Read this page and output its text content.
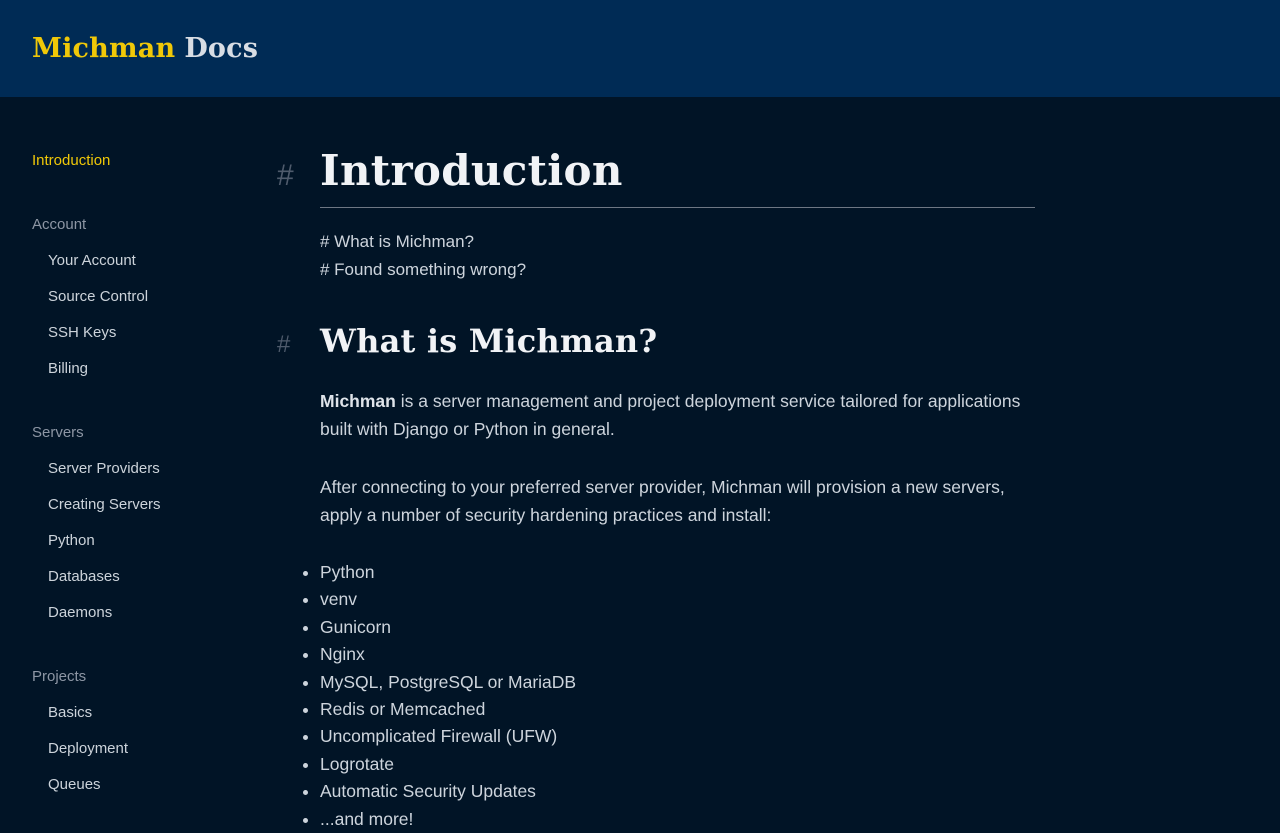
Michman Docs
Introduction
Account
Your Account
Source Control
SSH Keys
Billing
Servers
Server Providers
Creating Servers
Python
Databases
Daemons
Projects
Basics
Deployment
Queues
# Introduction
# What is Michman?
# Found something wrong?
# What is Michman?

Michman is a server management and project deployment service tailored for applications built with Django or Python in general.

After connecting to your preferred server provider, Michman will provision a new servers, apply a number of security hardening practices and install:

• Python
• venv
• Gunicorn
• Nginx
• MySQL, PostgreSQL or MariaDB
• Redis or Memcached
• Uncomplicated Firewall (UFW)
• Logrotate
• Automatic Security Updates
• ...and more!
